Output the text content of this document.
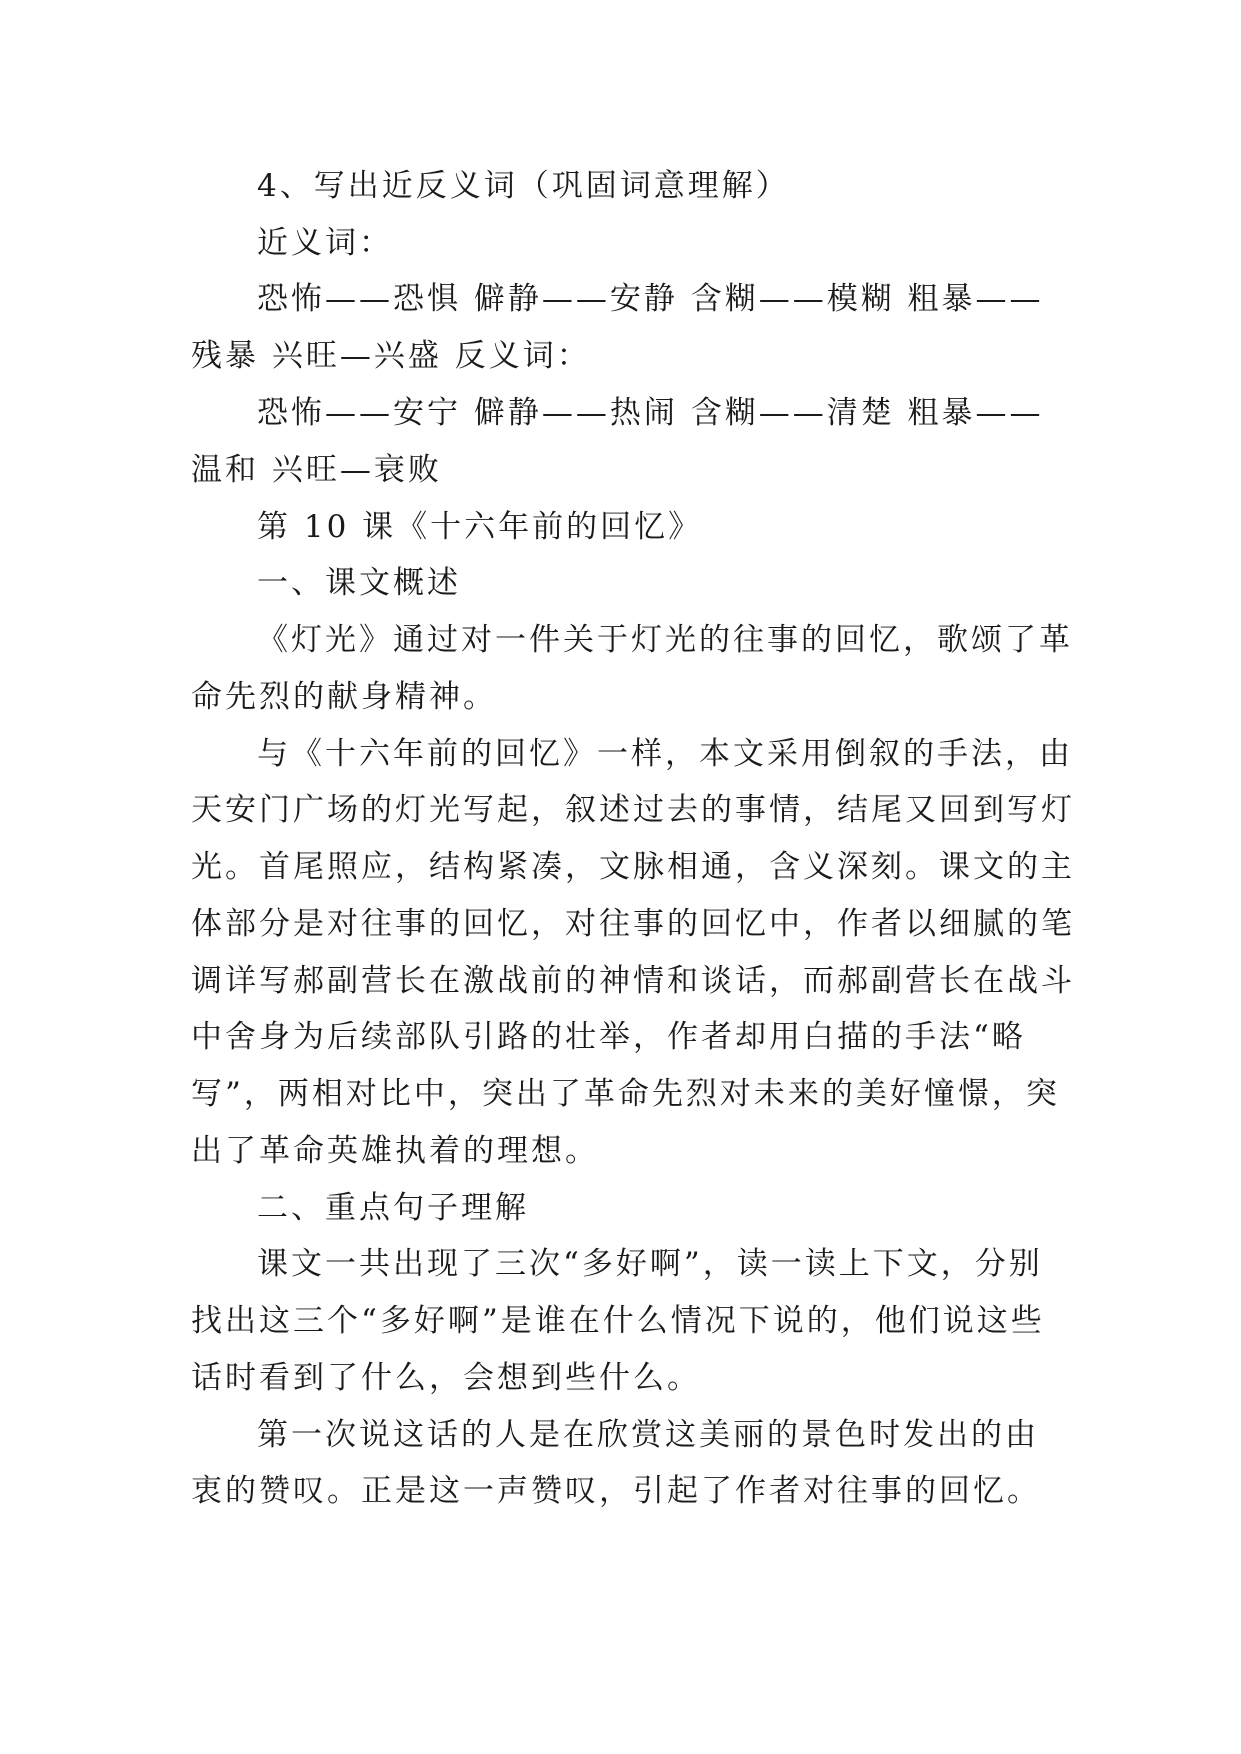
4、写出近反义词（巩固词意理解）
近义词：
恐怖——恐惧 僻静——安静 含糊——模糊 粗暴——
残暴 兴旺—兴盛 反义词：
恐怖——安宁 僻静——热闹 含糊——清楚 粗暴——
温和 兴旺—衰败
第 10 课《十六年前的回忆》
一、课文概述
《灯光》通过对一件关于灯光的往事的回忆，歌颂了革
命先烈的献身精神。
与《十六年前的回忆》一样，本文采用倒叙的手法，由
天安门广场的灯光写起，叙述过去的事情，结尾又回到写灯
光。首尾照应，结构紧凑，文脉相通，含义深刻。课文的主
体部分是对往事的回忆，对往事的回忆中，作者以细腻的笔
调详写郝副营长在激战前的神情和谈话，而郝副营长在战斗
中舍身为后续部队引路的壮举，作者却用白描的手法“略
写”，两相对比中，突出了革命先烈对未来的美好憧憬，突
出了革命英雄执着的理想。
二、重点句子理解
课文一共出现了三次“多好啊”，读一读上下文，分别
找出这三个“多好啊”是谁在什么情况下说的，他们说这些
话时看到了什么，会想到些什么。
第一次说这话的人是在欣赏这美丽的景色时发出的由
衷的赞叹。正是这一声赞叹，引起了作者对往事的回忆。
